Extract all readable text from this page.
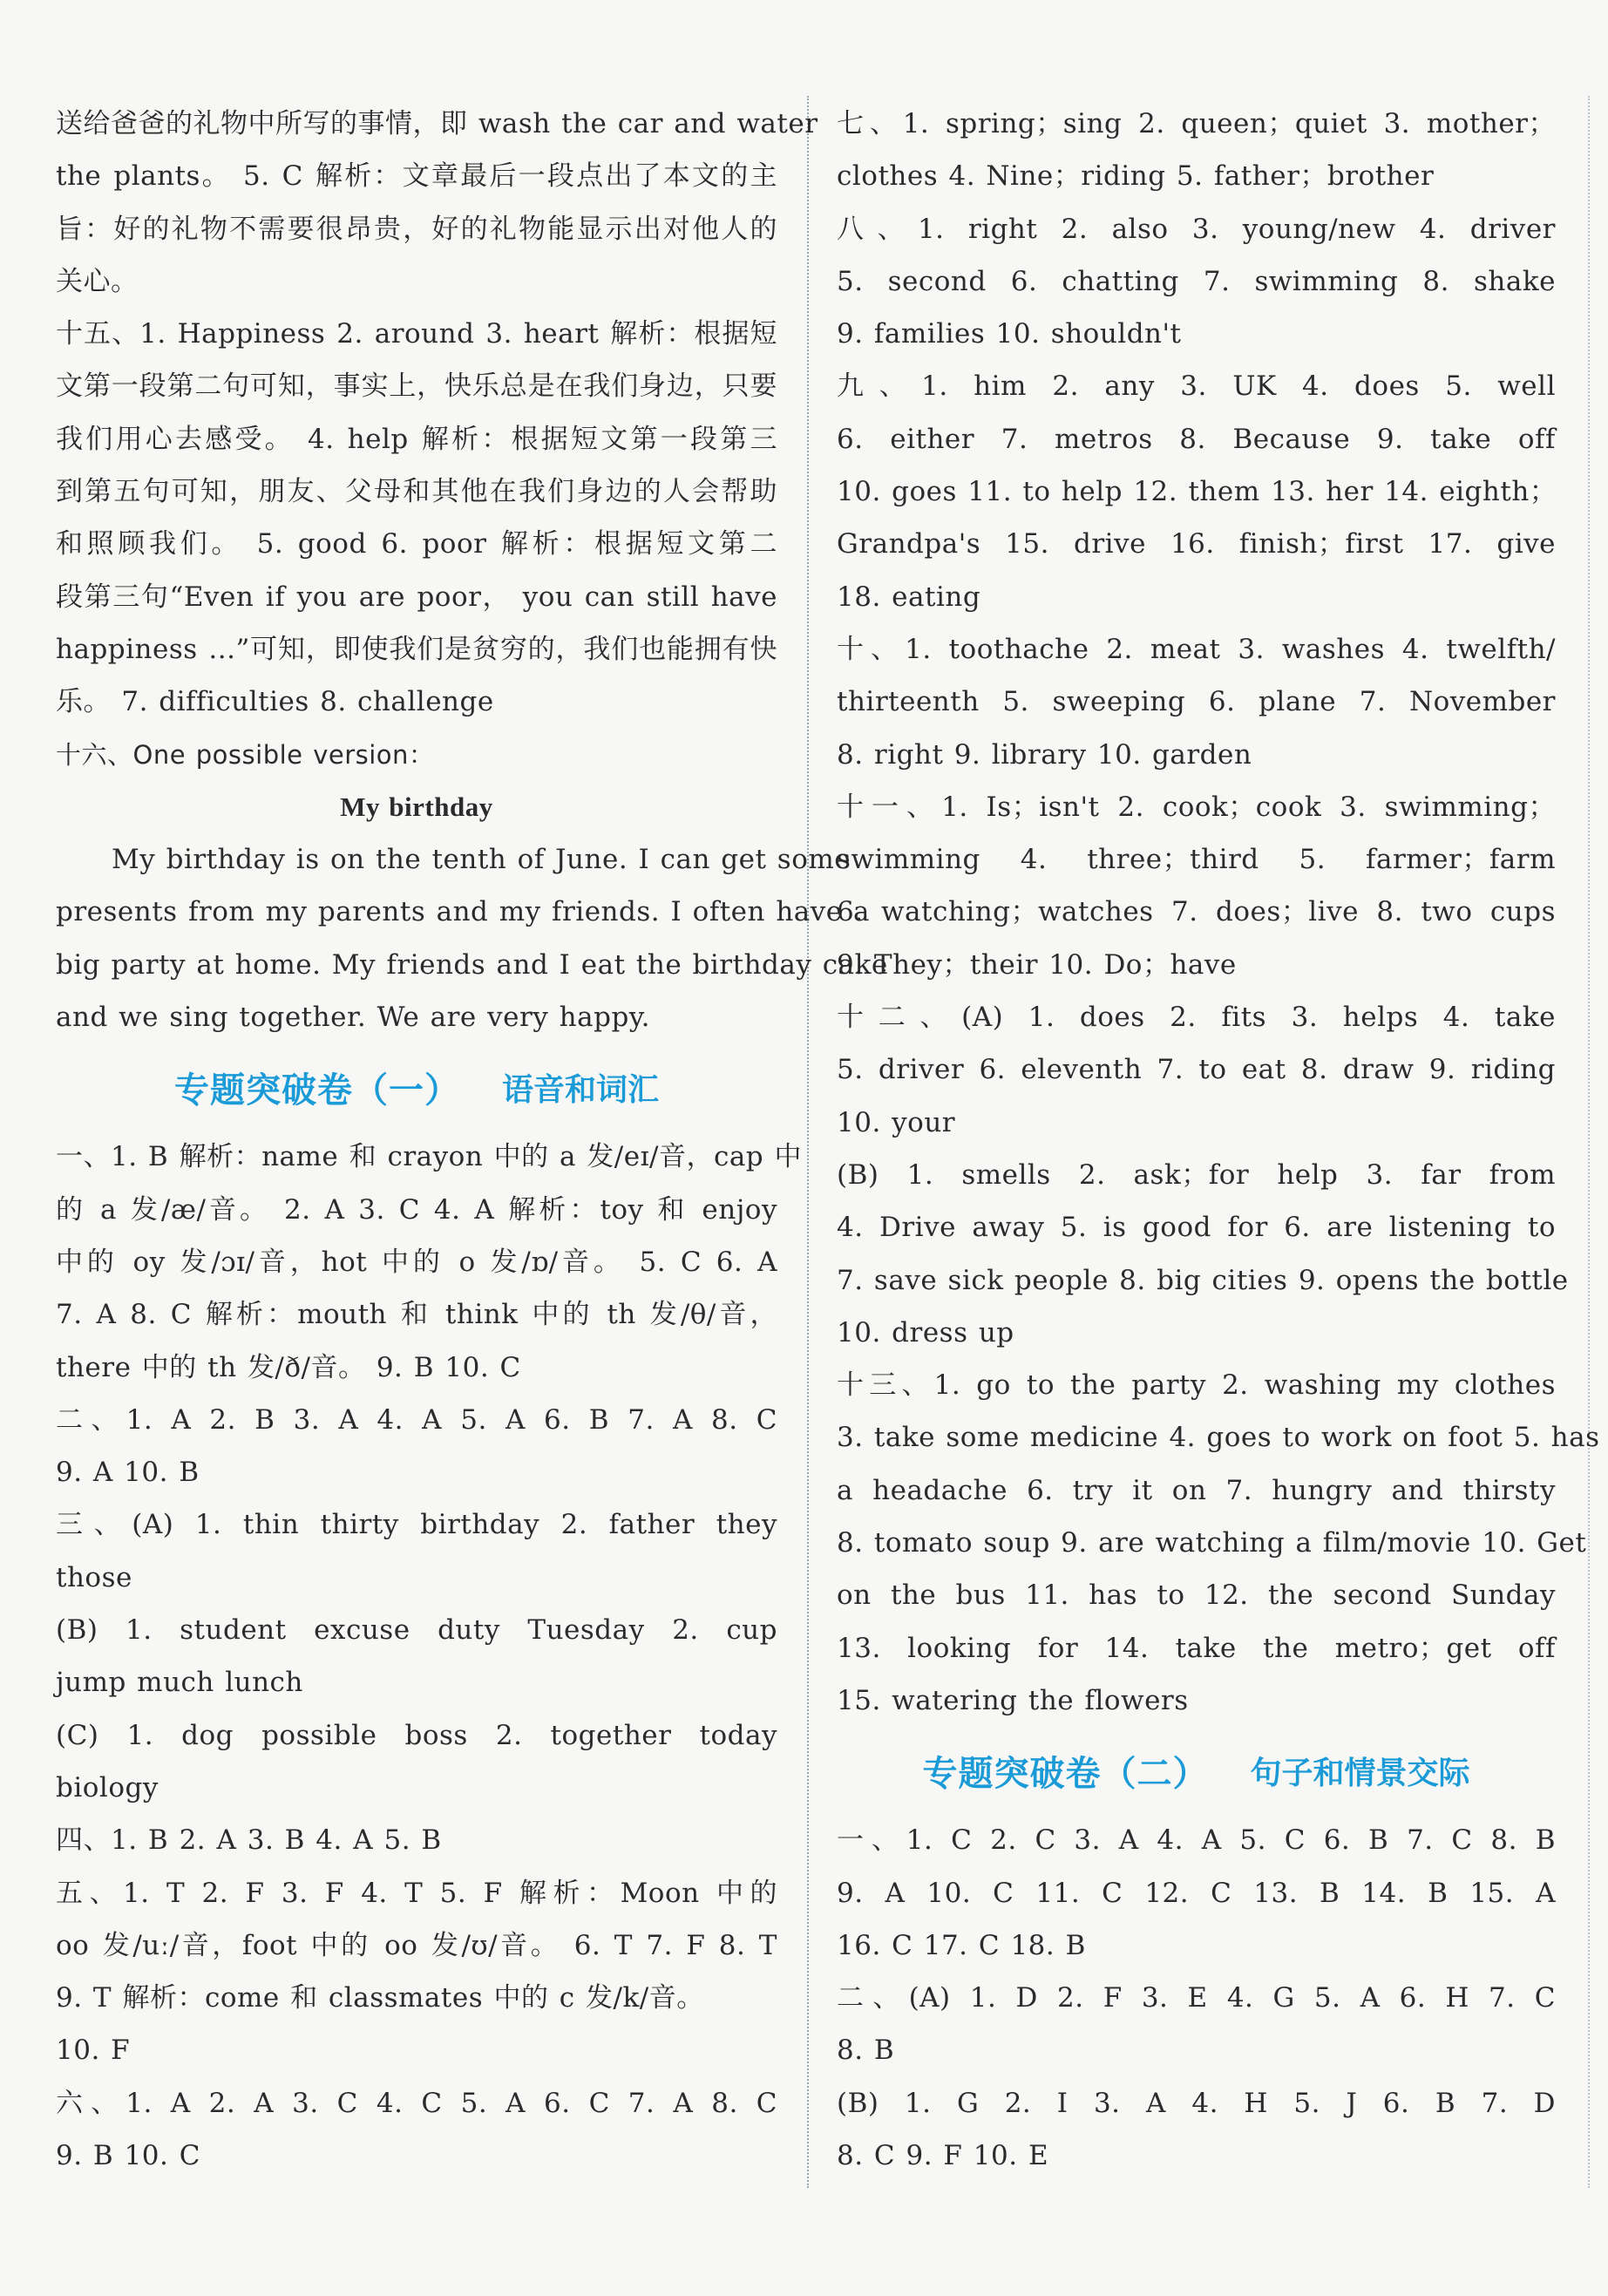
送给爸爸的礼物中所写的事情，即 wash the car and water
the plants。 5. C 解析：文章最后一段点出了本文的主
旨：好的礼物不需要很昂贵，好的礼物能显示出对他人的
关心。
十五、1. Happiness 2. around 3. heart 解析：根据短
文第一段第二句可知，事实上，快乐总是在我们身边，只要
我们用心去感受。 4. help 解析：根据短文第一段第三
到第五句可知，朋友、父母和其他在我们身边的人会帮助
和照顾我们。 5. good 6. poor 解析：根据短文第二
段第三句“Even if you are poor， you can still have
happiness ...”可知，即使我们是贫穷的，我们也能拥有快
乐。 7. difficulties 8. challenge
十六、One possible version：
My birthday
My birthday is on the tenth of June. I can get some
presents from my parents and my friends. I often have a
big party at home. My friends and I eat the birthday cake
and we sing together. We are very happy.
专题突破卷（一） 语音和词汇
一、1. B 解析：name 和 crayon 中的 a 发/eɪ/音，cap 中
的 a 发/æ/音。 2. A 3. C 4. A 解析：toy 和 enjoy
中的 oy 发/ɔɪ/音，hot 中的 o 发/ɒ/音。 5. C 6. A
7. A 8. C 解析：mouth 和 think 中的 th 发/θ/音，
there 中的 th 发/ð/音。 9. B 10. C
二、1. A 2. B 3. A 4. A 5. A 6. B 7. A 8. C
9. A 10. B
三、(A) 1. thin thirty birthday 2. father they
those
(B) 1. student excuse duty Tuesday 2. cup
jump much lunch
(C) 1. dog possible boss 2. together today
biology
四、1. B 2. A 3. B 4. A 5. B
五、1. T 2. F 3. F 4. T 5. F 解析：Moon 中的
oo 发/uː/音，foot 中的 oo 发/ʊ/音。 6. T 7. F 8. T
9. T 解析：come 和 classmates 中的 c 发/k/音。
10. F
六、1. A 2. A 3. C 4. C 5. A 6. C 7. A 8. C
9. B 10. C
七、1. spring；sing 2. queen；quiet 3. mother；
clothes 4. Nine；riding 5. father；brother
八、1. right 2. also 3. young/new 4. driver
5. second 6. chatting 7. swimming 8. shake
9. families 10. shouldn't
九、1. him 2. any 3. UK 4. does 5. well
6. either 7. metros 8. Because 9. take off
10. goes 11. to help 12. them 13. her 14. eighth；
Grandpa's 15. drive 16. finish；first 17. give
18. eating
十、1. toothache 2. meat 3. washes 4. twelfth/
thirteenth 5. sweeping 6. plane 7. November
8. right 9. library 10. garden
十一、1. Is；isn't 2. cook；cook 3. swimming；
swimming 4. three；third 5. farmer；farm
6. watching；watches 7. does；live 8. two cups
9. They；their 10. Do；have
十二、(A) 1. does 2. fits 3. helps 4. take
5. driver 6. eleventh 7. to eat 8. draw 9. riding
10. your
(B) 1. smells 2. ask；for help 3. far from
4. Drive away 5. is good for 6. are listening to
7. save sick people 8. big cities 9. opens the bottle
10. dress up
十三、1. go to the party 2. washing my clothes
3. take some medicine 4. goes to work on foot 5. has
a headache 6. try it on 7. hungry and thirsty
8. tomato soup 9. are watching a film/movie 10. Get
on the bus 11. has to 12. the second Sunday
13. looking for 14. take the metro；get off
15. watering the flowers
专题突破卷（二） 句子和情景交际
一、1. C 2. C 3. A 4. A 5. C 6. B 7. C 8. B
9. A 10. C 11. C 12. C 13. B 14. B 15. A
16. C 17. C 18. B
二、(A) 1. D 2. F 3. E 4. G 5. A 6. H 7. C
8. B
(B) 1. G 2. I 3. A 4. H 5. J 6. B 7. D
8. C 9. F 10. E
